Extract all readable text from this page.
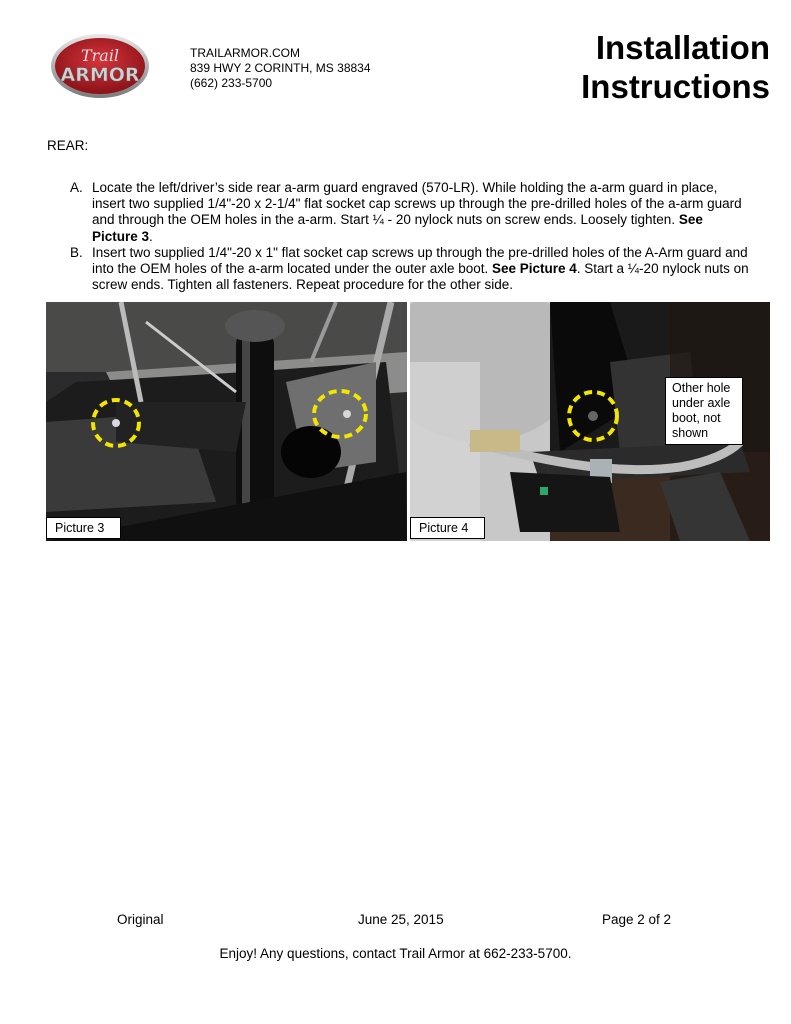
Trail
ARMOR
TRAILARMOR.COM
839 HWY 2 CORINTH, MS 38834
(662) 233-5700
Installation
Instructions
REAR:
A. Locate the left/driver’s side rear a-arm guard engraved (570-LR). While holding the a-arm guard in place, insert two supplied 1/4"-20 x 2-1/4" flat socket cap screws up through the pre-drilled holes of the a-arm guard and through the OEM holes in the a-arm. Start ¼ - 20 nylock nuts on screw ends. Loosely tighten. See Picture 3.
B. Insert two supplied 1/4"-20 x 1" flat socket cap screws up through the pre-drilled holes of the A-Arm guard and into the OEM holes of the a-arm located under the outer axle boot. See Picture 4. Start a ¼-20 nylock nuts on screw ends. Tighten all fasteners. Repeat procedure for the other side.
Picture 3	Picture 4
Other hole under axle boot, not shown
Original	June 25, 2015	Page 2 of 2
Enjoy! Any questions, contact Trail Armor at 662-233-5700.
